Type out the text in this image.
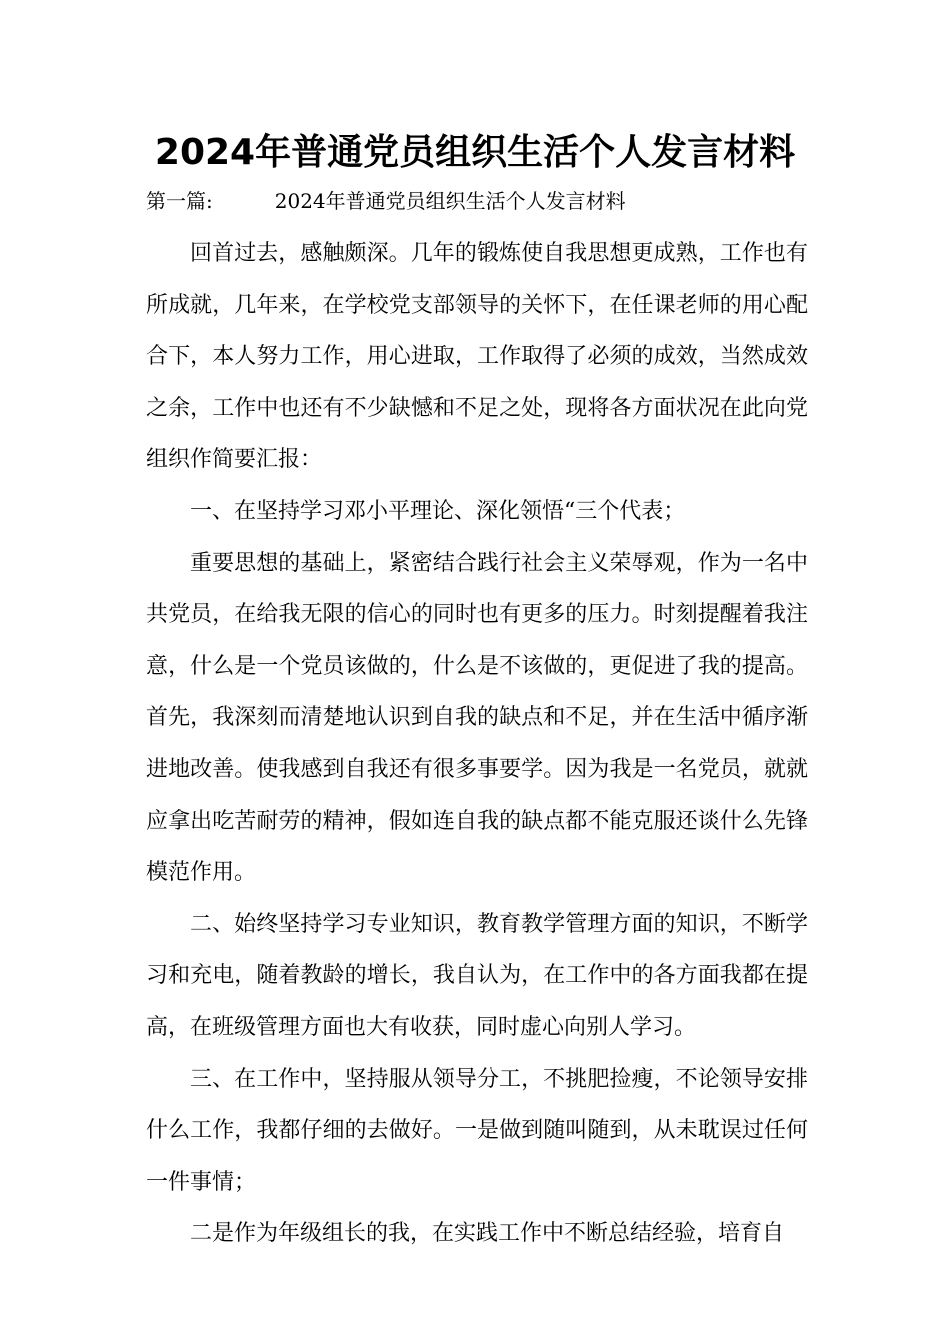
2024年普通党员组织生活个人发言材料
第一篇:	2024年普通党员组织生活个人发言材料

回首过去，感触颇深。几年的锻炼使自我思想更成熟，工作也有所成就，几年来，在学校党支部领导的关怀下，在任课老师的用心配合下，本人努力工作，用心进取，工作取得了必须的成效，当然成效之余，工作中也还有不少缺憾和不足之处，现将各方面状况在此向党组织作简要汇报：

一、在坚持学习邓小平理论、深化领悟“三个代表；

重要思想的基础上，紧密结合践行社会主义荣辱观，作为一名中共党员，在给我无限的信心的同时也有更多的压力。时刻提醒着我注意，什么是一个党员该做的，什么是不该做的，更促进了我的提高。首先，我深刻而清楚地认识到自我的缺点和不足，并在生活中循序渐进地改善。使我感到自我还有很多事要学。因为我是一名党员，就就应拿出吃苦耐劳的精神，假如连自我的缺点都不能克服还谈什么先锋模范作用。

二、始终坚持学习专业知识，教育教学管理方面的知识，不断学习和充电，随着教龄的增长，我自认为，在工作中的各方面我都在提高，在班级管理方面也大有收获，同时虚心向别人学习。

三、在工作中，坚持服从领导分工，不挑肥捡瘦，不论领导安排什么工作，我都仔细的去做好。一是做到随叫随到，从未耽误过任何一件事情；

二是作为年级组长的我，在实践工作中不断总结经验，培育自
